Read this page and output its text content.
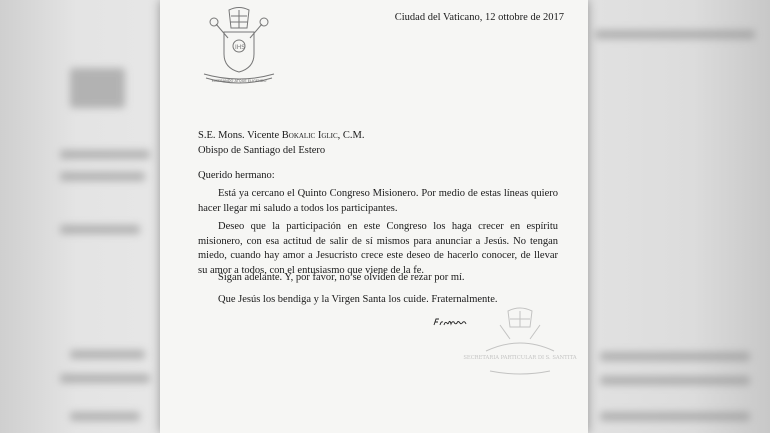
IHS
MISERANDO ATQUE ELIGENDO
Ciudad del Vaticano, 12 ottobre de 2017
S.E. Mons. Vicente Bokalic Iglic, C.M.
Obispo de Santiago del Estero
Querido hermano:
Está ya cercano el Quinto Congreso Misionero. Por medio de estas líneas quiero hacer llegar mi saludo a todos los participantes.
Deseo que la participación en este Congreso los haga crecer en espíritu misionero, con esa actitud de salir de sí mismos para anunciar a Jesús. No tengan miedo, cuando hay amor a Jesucristo crece este deseo de hacerlo conocer, de llevar su amor a todos, con el entusiasmo que viene de la fe.
Sigan adelante. Y, por favor, no se olviden de rezar por mí.
Que Jesús los bendiga y la Virgen Santa los cuide. Fraternalmente.
SECRETARIA PARTICULAR DI S. SANTITA
